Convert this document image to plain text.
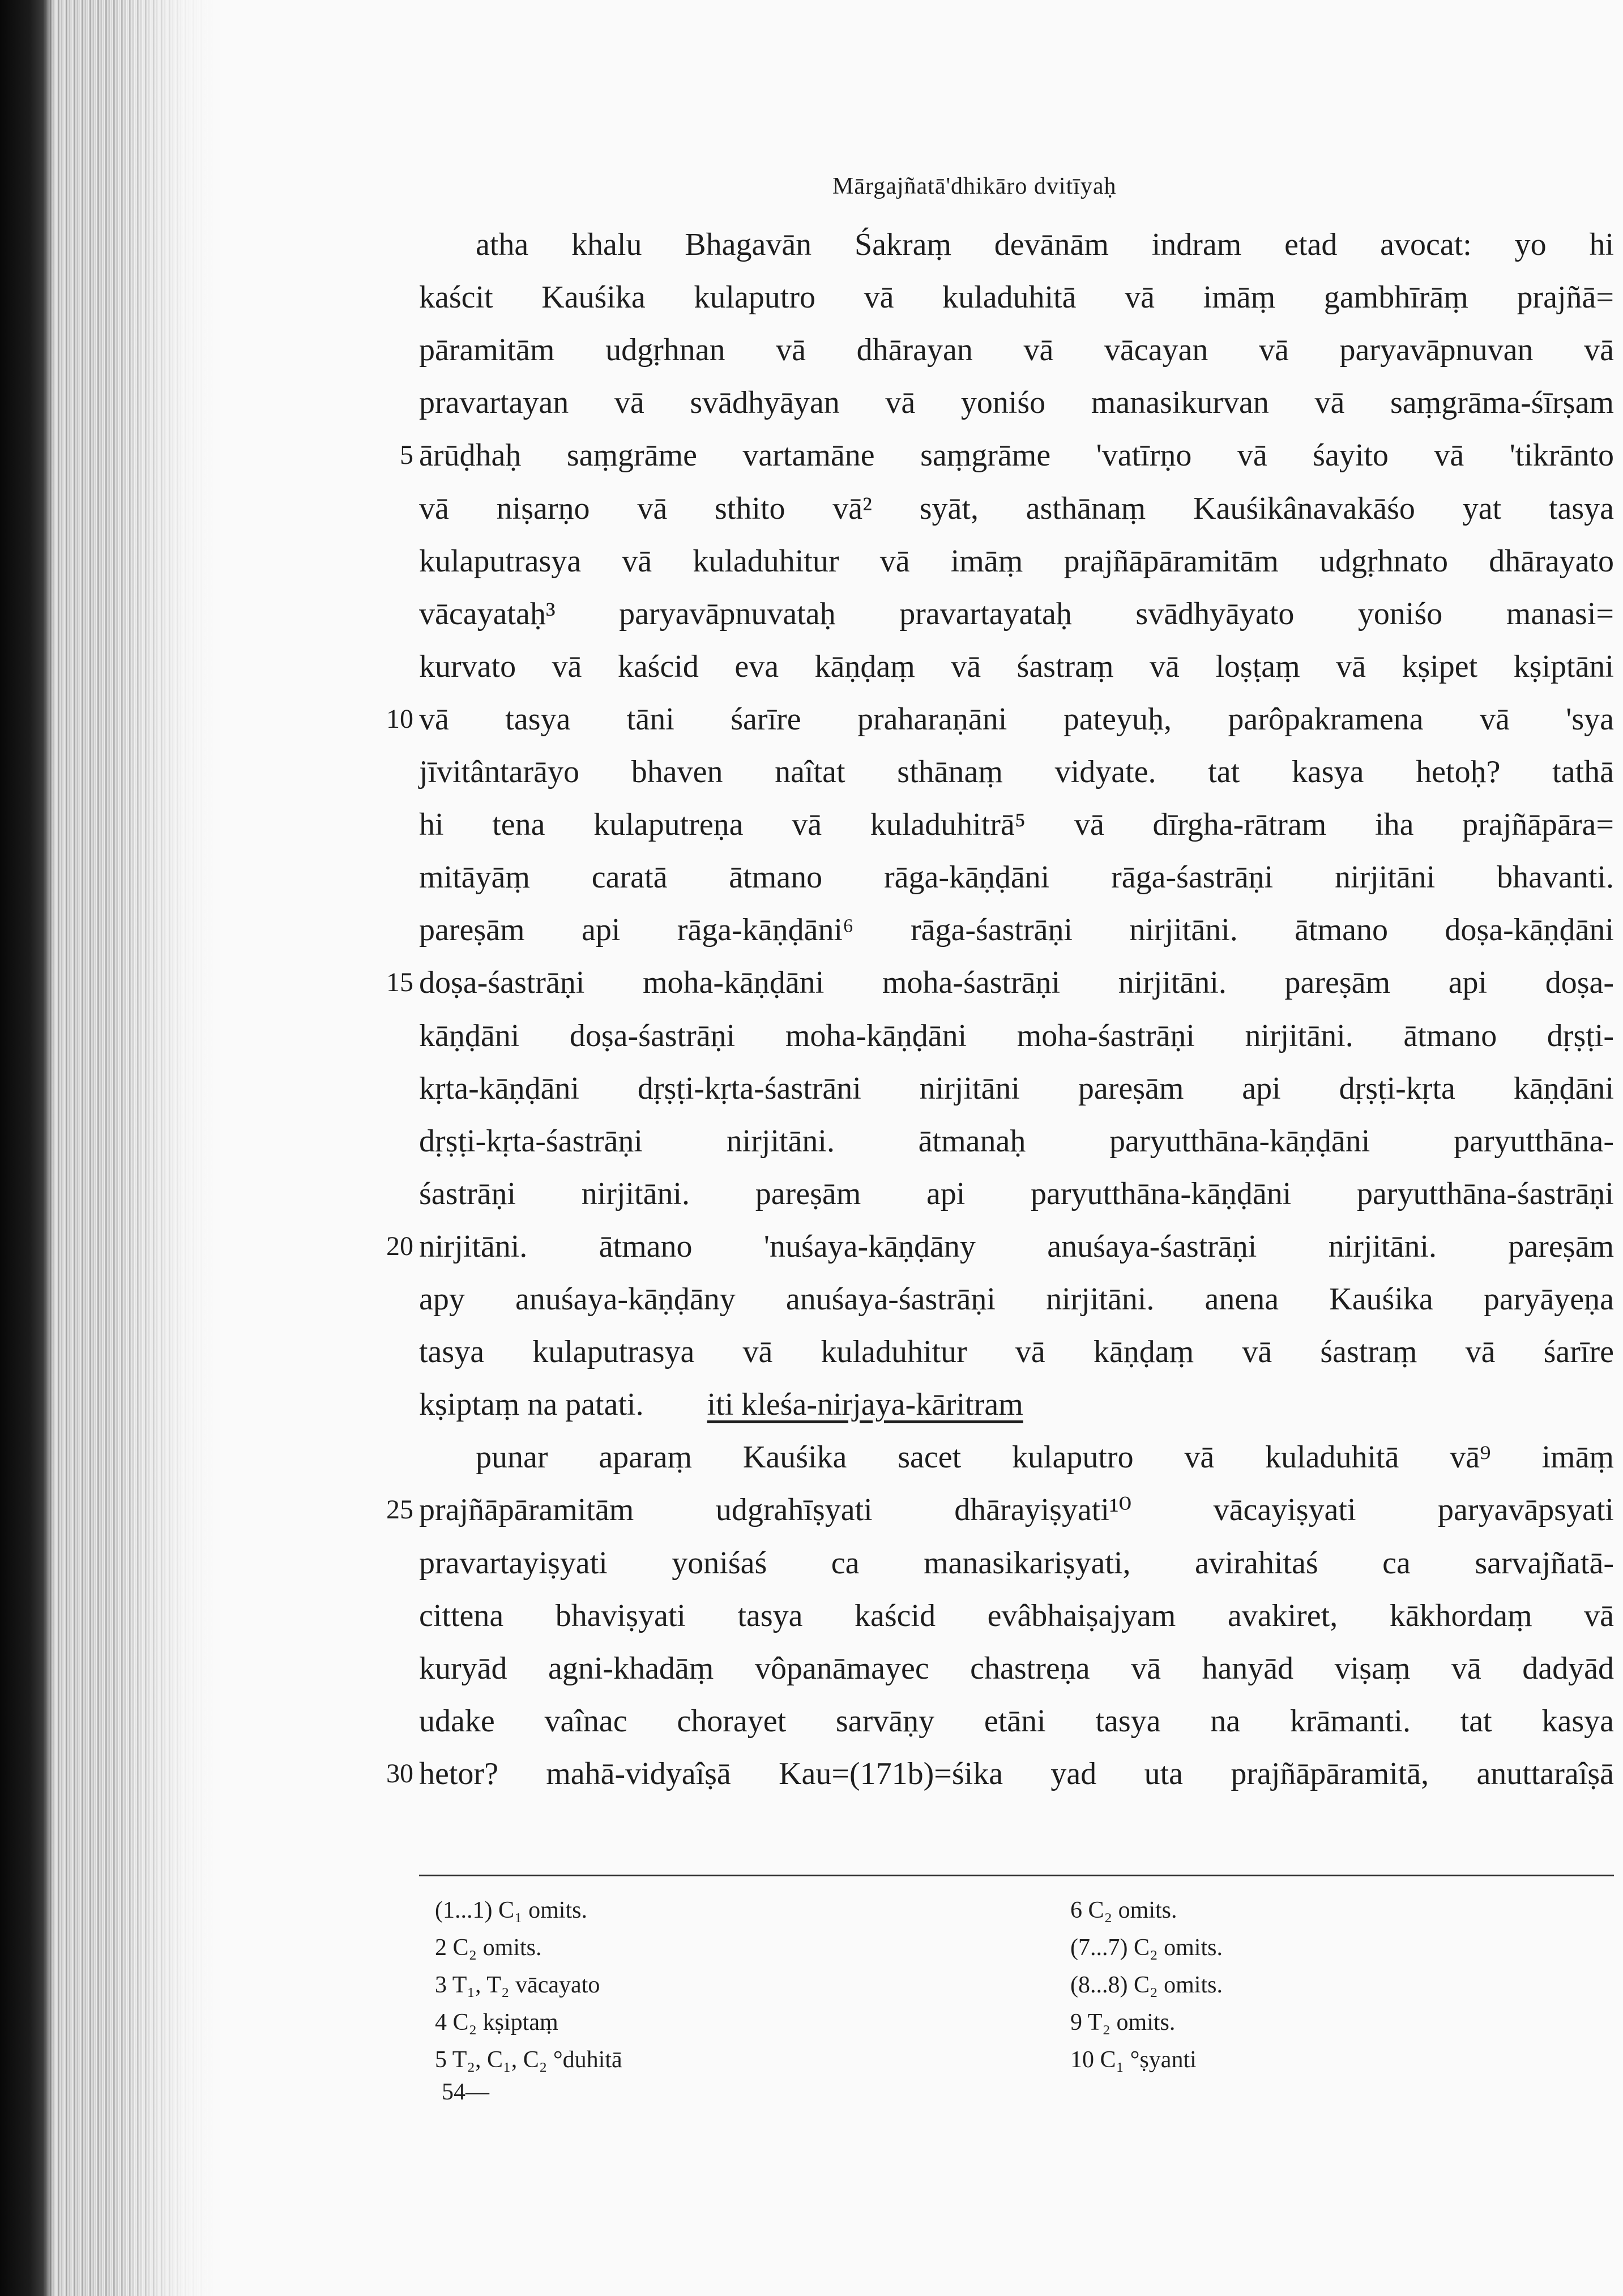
Mārgajñatā'dhikāro dvitīyaḥ
atha khalu Bhagavān Śakraṃ devānām indram etad avocat: yo hi
kaścit Kauśika kulaputro vā kuladuhitā vā imāṃ gambhīrāṃ prajñā=
pāramitām udgṛhnan vā dhārayan vā vācayan vā paryavāpnuvan vā
pravartayan vā svādhyāyan vā yoniśo manasikurvan vā saṃgrāma-śīrṣam
ārūḍhaḥ saṃgrāme vartamāne saṃgrāme 'vatīrṇo vā śayito vā 'tikrānto
5
vā niṣarṇo vā sthito vā² syāt, asthānaṃ Kauśikânavakāśo yat tasya
kulaputrasya vā kuladuhitur vā imāṃ prajñāpāramitām udgṛhnato dhārayato
vācayataḥ³ paryavāpnuvataḥ pravartayataḥ svādhyāyato yoniśo manasi=
kurvato vā kaścid eva kāṇḍaṃ vā śastraṃ vā loṣṭaṃ vā kṣipet kṣiptāni
vā tasya tāni śarīre praharaṇāni pateyuḥ, parôpakramena vā 'sya
10
jīvitântarāyo bhaven naîtat sthānaṃ vidyate. tat kasya hetoḥ? tathā
hi tena kulaputreṇa vā kuladuhitrā⁵ vā dīrgha-rātram iha prajñāpāra=
mitāyāṃ caratā ātmano rāga-kāṇḍāni rāga-śastrāṇi nirjitāni bhavanti.
pareṣām api rāga-kāṇḍāni⁶ rāga-śastrāṇi nirjitāni. ātmano doṣa-kāṇḍāni
doṣa-śastrāṇi moha-kāṇḍāni moha-śastrāṇi nirjitāni. pareṣām api doṣa-
15
kāṇḍāni doṣa-śastrāṇi moha-kāṇḍāni moha-śastrāṇi nirjitāni. ātmano dṛṣṭi-
kṛta-kāṇḍāni dṛṣṭi-kṛta-śastrāni nirjitāni pareṣām api dṛṣṭi-kṛta kāṇḍāni
dṛṣṭi-kṛta-śastrāṇi nirjitāni. ātmanaḥ paryutthāna-kāṇḍāni paryutthāna-
śastrāṇi nirjitāni. pareṣām api paryutthāna-kāṇḍāni paryutthāna-śastrāṇi
nirjitāni. ātmano 'nuśaya-kāṇḍāny anuśaya-śastrāṇi nirjitāni. pareṣām
20
apy anuśaya-kāṇḍāny anuśaya-śastrāṇi nirjitāni. anena Kauśika paryāyeṇa
tasya kulaputrasya vā kuladuhitur vā kāṇḍaṃ vā śastraṃ vā śarīre
kṣiptaṃ na patati.   iti kleśa-nirjaya-kāritram
punar aparaṃ Kauśika sacet kulaputro vā kuladuhitā vā⁹ imāṃ
prajñāpāramitām udgrahīṣyati dhārayiṣyati¹⁰ vācayiṣyati paryavāpsyati
25
pravartayiṣyati yoniśaś ca manasikariṣyati, avirahitaś ca sarvajñatā-
cittena bhaviṣyati tasya kaścid evâbhaiṣajyam avakiret, kākhordaṃ vā
kuryād agni-khadāṃ vôpanāmayec chastreṇa vā hanyād viṣaṃ vā dadyād
udake vaînac chorayet sarvāṇy etāni tasya na krāmanti. tat kasya
hetor? mahā-vidyaîṣā Kau=(171b)=śika yad uta prajñāpāramitā, anuttaraîṣā
30
(1...1) C₁ omits.
2 C₂ omits.
3 T₁, T₂ vācayato
4 C₂ kṣiptaṃ
5 T₂, C₁, C₂ °duhitā
6 C₂ omits.
(7...7) C₂ omits.
(8...8) C₂ omits.
9 T₂ omits.
10 C₁ °ṣyanti
54—
